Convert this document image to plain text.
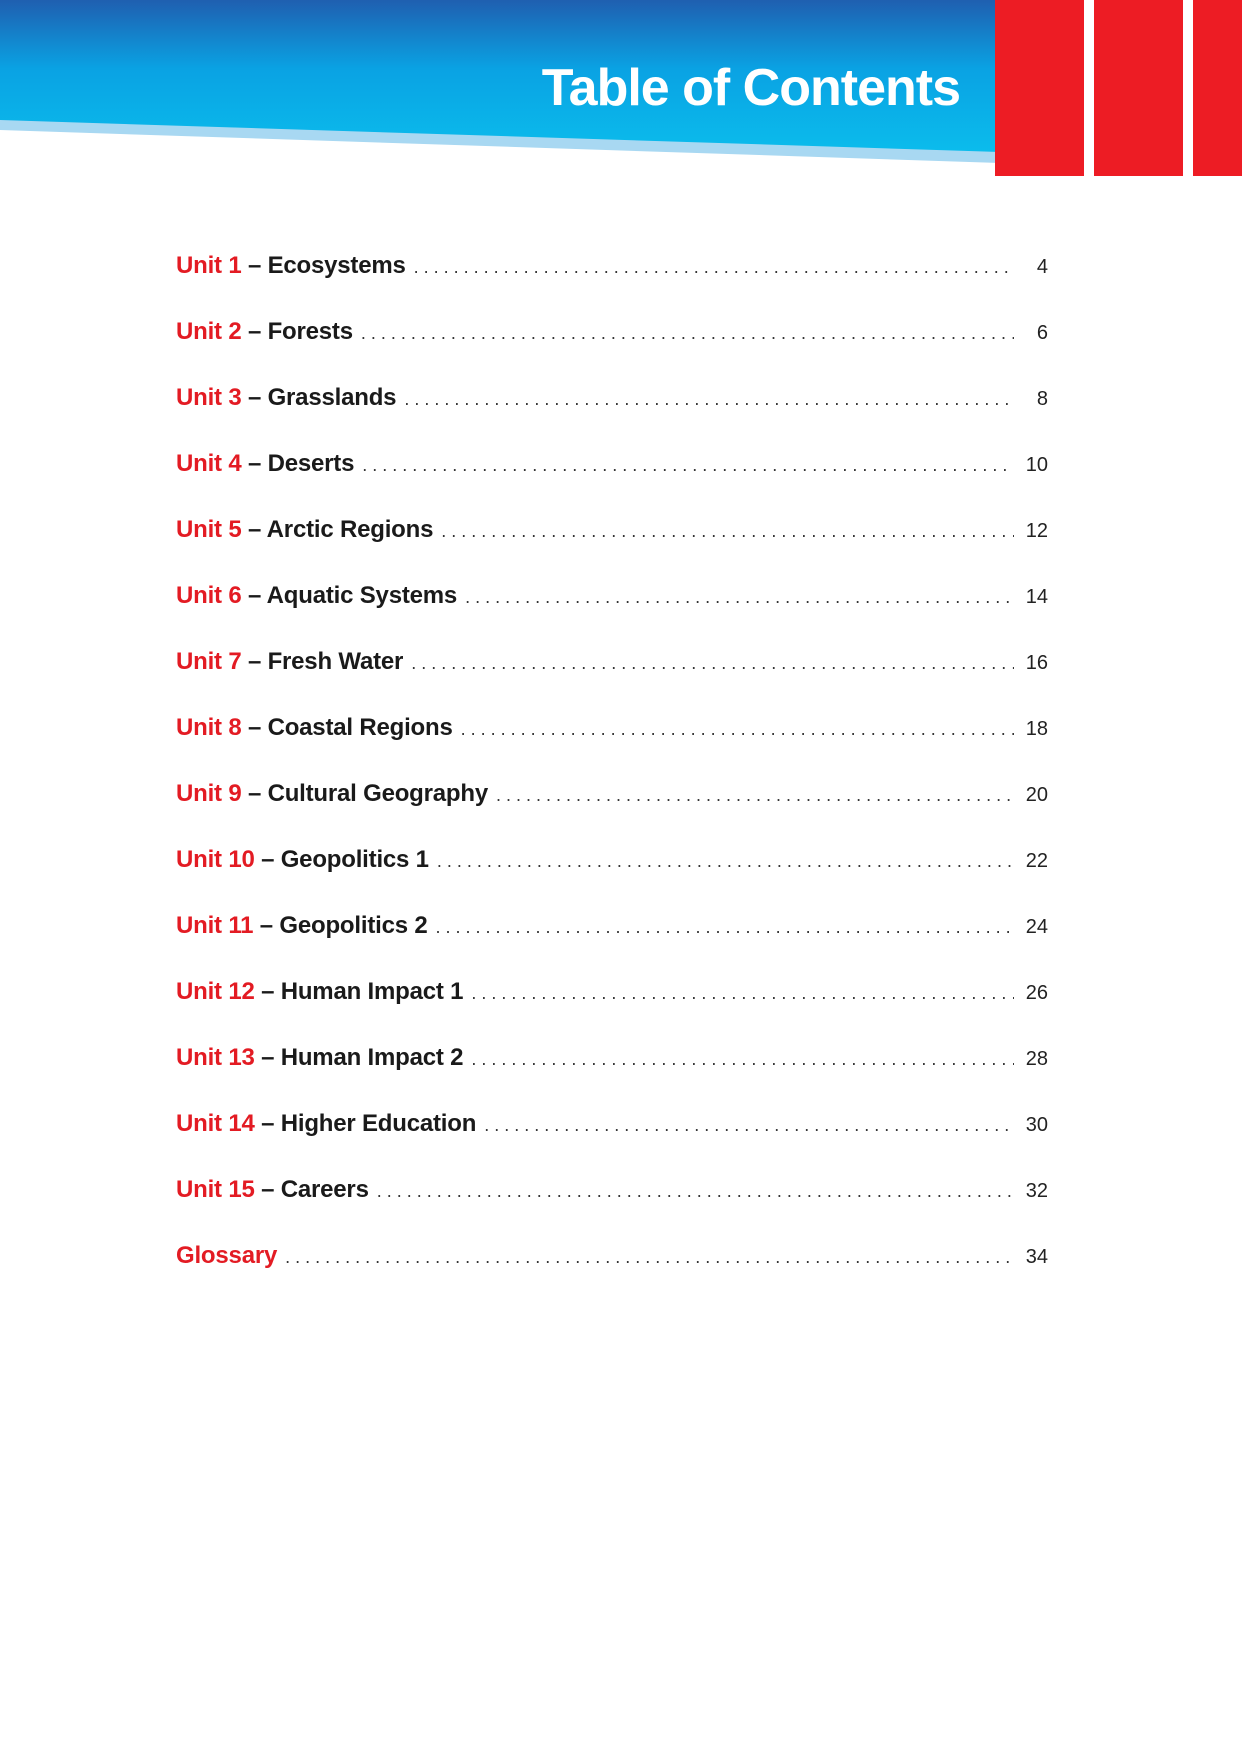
Table of Contents
Unit 1 – Ecosystems . . .	4
Unit 2 – Forests . . .	6
Unit 3 – Grasslands . . .	8
Unit 4 – Deserts . . .	10
Unit 5 – Arctic Regions . . .	12
Unit 6 – Aquatic Systems . . .	14
Unit 7 – Fresh Water . . .	16
Unit 8 – Coastal Regions . . .	18
Unit 9 – Cultural Geography . . .	20
Unit 10 – Geopolitics 1 . . .	22
Unit 11 – Geopolitics 2 . . .	24
Unit 12 – Human Impact 1 . . .	26
Unit 13 – Human Impact 2 . . .	28
Unit 14 – Higher Education . . .	30
Unit 15 – Careers . . .	32
Glossary . . .	34
